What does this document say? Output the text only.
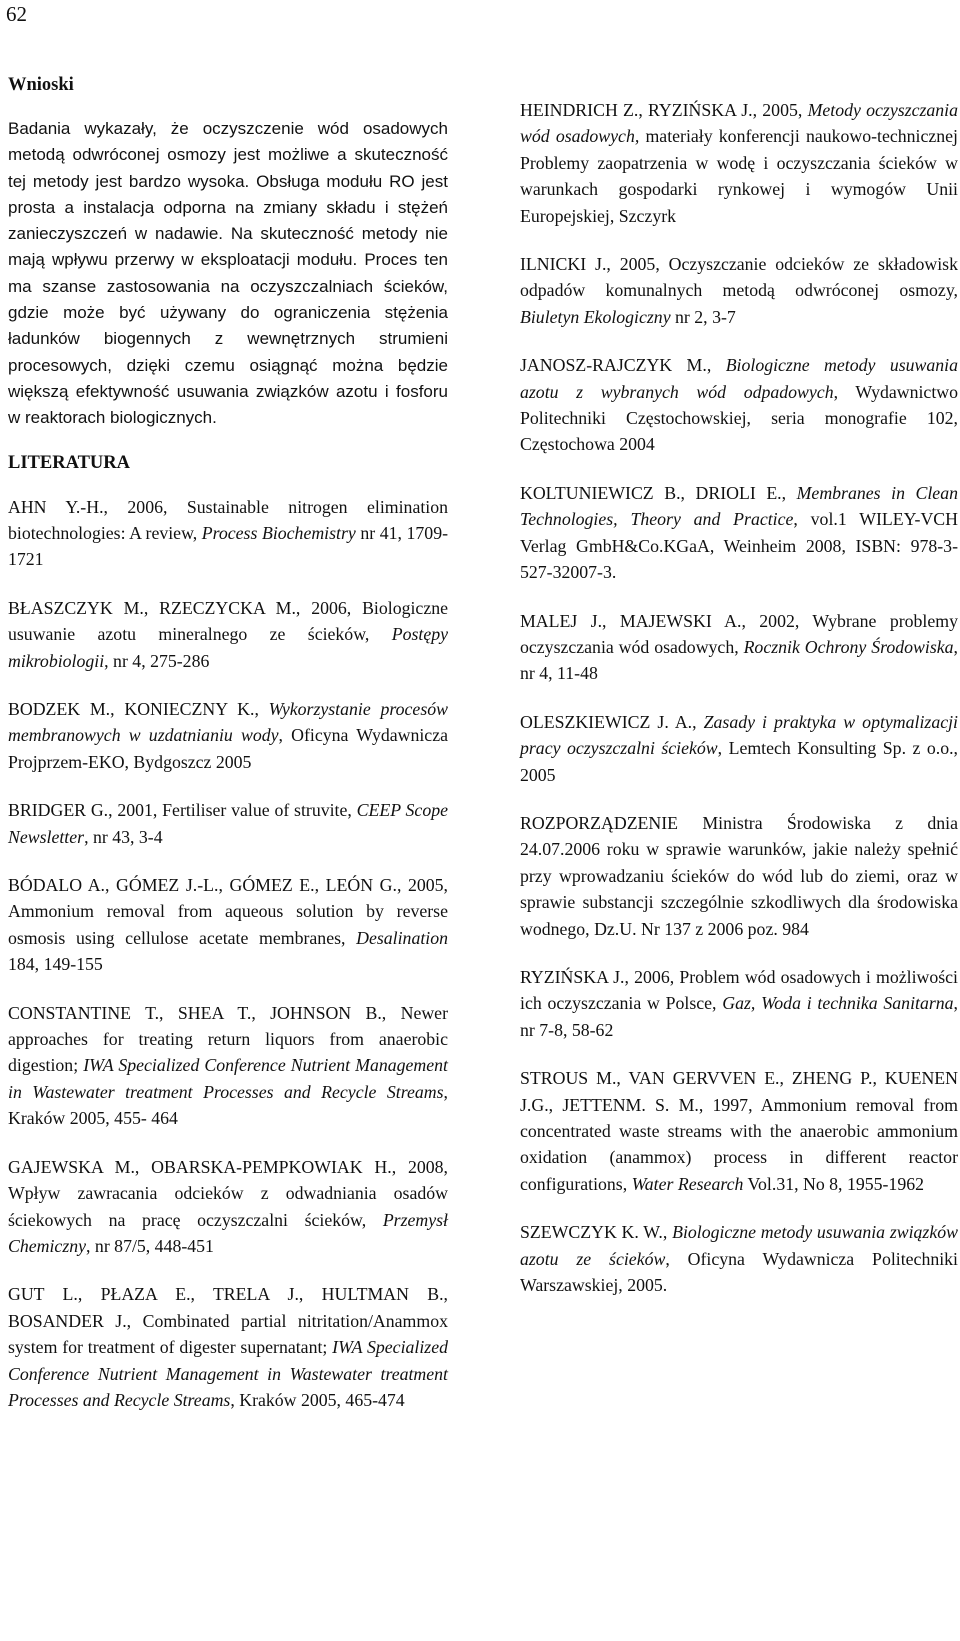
62
Wnioski

Badania wykazały, że oczyszczenie wód osadowych metodą odwróconej osmozy jest możliwe a skuteczność tej metody jest bardzo wysoka. Obsługa modułu RO jest prosta a instalacja odporna na zmiany składu i stężeń zanieczyszczeń w nadawie. Na skuteczność metody nie mają wpływu przerwy w eksploatacji modułu. Proces ten ma szanse zastosowania na oczyszczalniach ścieków, gdzie może być używany do ograniczenia stężenia ładunków biogennych z wewnętrznych strumieni procesowych, dzięki czemu osiągnąć można będzie większą efektywność usuwania związków azotu i fosforu w reaktorach biologicznych.

LITERATURA

AHN Y.-H., 2006, Sustainable nitrogen elimination biotechnologies: A review, Process Biochemistry nr 41, 1709-1721

BŁASZCZYK M., RZECZYCKA M., 2006, Biologiczne usuwanie azotu mineralnego ze ścieków, Postępy mikrobiologii, nr 4, 275-286

BODZEK M., KONIECZNY K., Wykorzystanie procesów membranowych w uzdatnianiu wody, Oficyna Wydawnicza Projprzem-EKO, Bydgoszcz 2005

BRIDGER G., 2001, Fertiliser value of struvite, CEEP Scope Newsletter, nr 43, 3-4

BÓDALO A., GÓMEZ J.-L., GÓMEZ E., LEÓN G., 2005, Ammonium removal from aqueous solution by reverse osmosis using cellulose acetate membranes, Desalination 184, 149-155

CONSTANTINE T., SHEA T., JOHNSON B., Newer approaches for treating return liquors from anaerobic digestion; IWA Specialized Conference Nutrient Management in Wastewater treatment Processes and Recycle Streams, Kraków 2005, 455- 464

GAJEWSKA M., OBARSKA-PEMPKOWIAK H., 2008, Wpływ zawracania odcieków z odwadniania osadów ściekowych na pracę oczyszczalni ścieków, Przemysł Chemiczny, nr 87/5, 448-451

GUT L., PŁAZA E., TRELA J., HULTMAN B., BOSANDER J., Combinated partial nitritation/Anammox system for treatment of digester supernatant; IWA Specialized Conference Nutrient Management in Wastewater treatment Processes and Recycle Streams, Kraków 2005, 465-474

HEINDRICH Z., RYZIŃSKA J., 2005, Metody oczyszczania wód osadowych, materiały konferencji naukowo-technicznej Problemy zaopatrzenia w wodę i oczyszczania ścieków w warunkach gospodarki rynkowej i wymogów Unii Europejskiej, Szczyrk

ILNICKI J., 2005, Oczyszczanie odcieków ze składowisk odpadów komunalnych metodą odwróconej osmozy, Biuletyn Ekologiczny nr 2, 3-7

JANOSZ-RAJCZYK M., Biologiczne metody usuwania azotu z wybranych wód odpadowych, Wydawnictwo Politechniki Częstochowskiej, seria monografie 102, Częstochowa 2004

KOLTUNIEWICZ B., DRIOLI E., Membranes in Clean Technologies, Theory and Practice, vol.1 WILEY-VCH Verlag GmbH&Co.KGaA, Weinheim 2008, ISBN: 978-3-527-32007-3.

MALEJ J., MAJEWSKI A., 2002, Wybrane problemy oczyszczania wód osadowych, Rocznik Ochrony Środowiska, nr 4, 11-48

OLESZKIEWICZ J. A., Zasady i praktyka w optymalizacji pracy oczyszczalni ścieków, Lemtech Konsulting Sp. z o.o., 2005

ROZPORZĄDZENIE Ministra Środowiska z dnia 24.07.2006 roku w sprawie warunków, jakie należy spełnić przy wprowadzaniu ścieków do wód lub do ziemi, oraz w sprawie substancji szczególnie szkodliwych dla środowiska wodnego, Dz.U. Nr 137 z 2006 poz. 984

RYZIŃSKA J., 2006, Problem wód osadowych i możliwości ich oczyszczania w Polsce, Gaz, Woda i technika Sanitarna, nr 7-8, 58-62

STROUS M., VAN GERVVEN E., ZHENG P., KUENEN J.G., JETTENM. S. M., 1997, Ammonium removal from concentrated waste streams with the anaerobic ammonium oxidation (anammox) process in different reactor configurations, Water Research Vol.31, No 8, 1955-1962

SZEWCZYK K. W., Biologiczne metody usuwania związków azotu ze ścieków, Oficyna Wydawnicza Politechniki Warszawskiej, 2005.
